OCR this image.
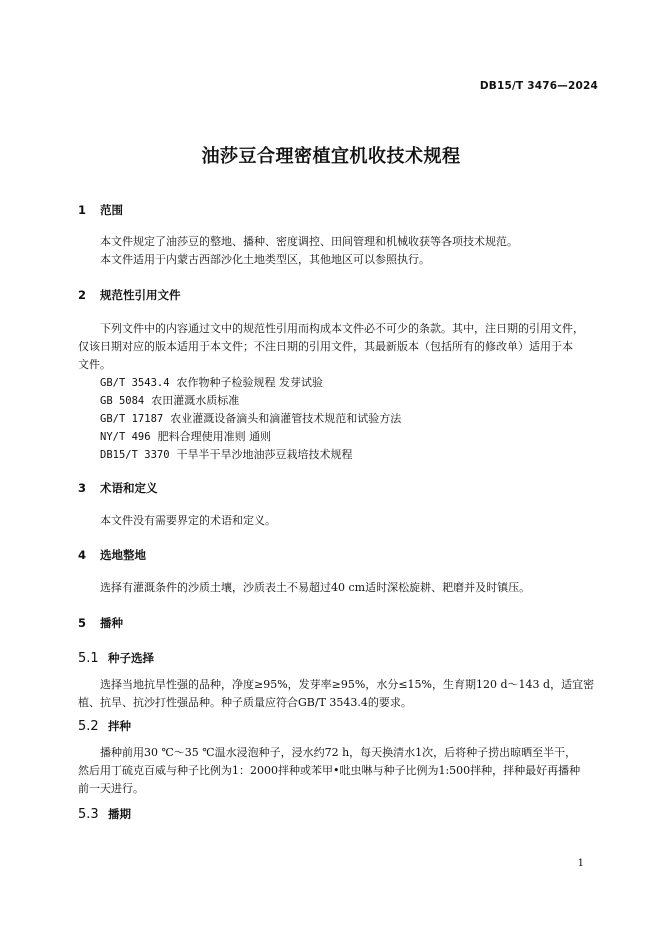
DB15/T 3476—2024
油莎豆合理密植宜机收技术规程
1 范围
本文件规定了油莎豆的整地、播种、密度调控、田间管理和机械收获等各项技术规范。
本文件适用于内蒙古西部沙化土地类型区，其他地区可以参照执行。
2 规范性引用文件
下列文件中的内容通过文中的规范性引用而构成本文件必不可少的条款。其中，注日期的引用文件，
仅该日期对应的版本适用于本文件；不注日期的引用文件，其最新版本（包括所有的修改单）适用于本
文件。
GB/T 3543.4 农作物种子检验规程 发芽试验
GB 5084 农田灌溉水质标准
GB/T 17187 农业灌溉设备滴头和滴灌管技术规范和试验方法
NY/T 496 肥料合理使用准则 通则
DB15/T 3370 干旱半干旱沙地油莎豆栽培技术规程
3 术语和定义
本文件没有需要界定的术语和定义。
4 选地整地
选择有灌溉条件的沙质土壤，沙质表土不易超过40 cm适时深松旋耕、耙磨并及时镇压。
5 播种
5.1 种子选择
选择当地抗旱性强的品种，净度≥95%，发芽率≥95%，水分≤15%，生育期120 d～143 d，适宜密
植、抗旱、抗沙打性强品种。种子质量应符合GB/T 3543.4的要求。
5.2 拌种
播种前用30 ℃～35 ℃温水浸泡种子，浸水约72 h，每天换清水1次，后将种子捞出晾晒至半干，
然后用丁硫克百威与种子比例为1：2000拌种或苯甲•吡虫啉与种子比例为1:500拌种，拌种最好再播种
前一天进行。
5.3 播期
1
